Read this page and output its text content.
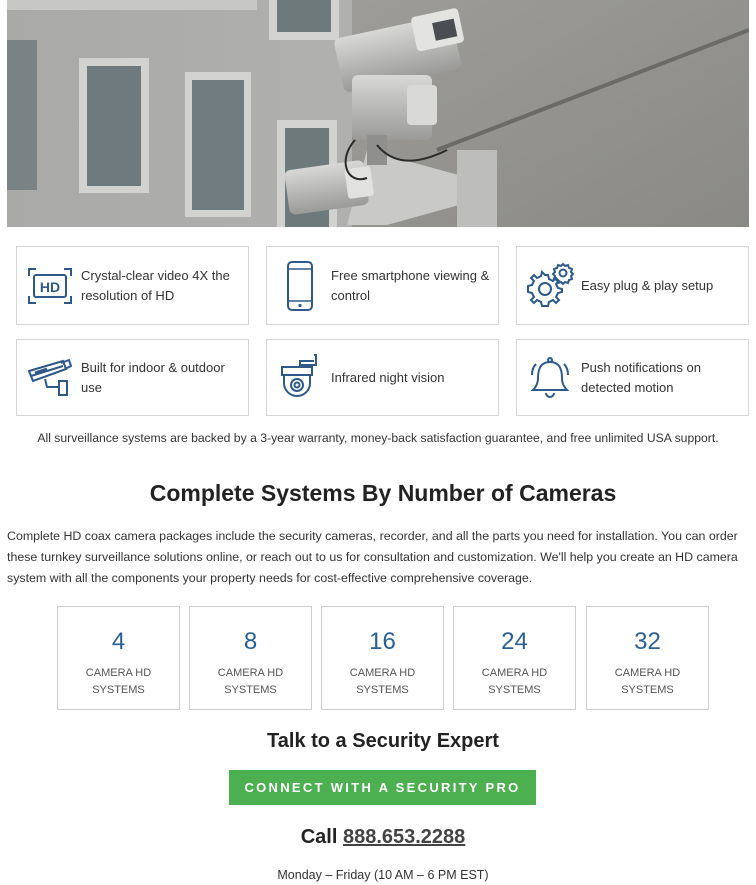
HD
Crystal-clear video 4X the resolution of HD
Free smartphone viewing & control
Easy plug & play setup
Built for indoor & outdoor use
Infrared night vision
Push notifications on detected motion
All surveillance systems are backed by a 3-year warranty, money-back satisfaction guarantee, and free unlimited USA support.
Complete Systems By Number of Cameras

Complete HD coax camera packages include the security cameras, recorder, and all the parts you need for installation. You can order these turnkey surveillance solutions online, or reach out to us for consultation and customization. We'll help you create an HD camera system with all the components your property needs for cost-effective comprehensive coverage.

4
CAMERA HD SYSTEMS
8
CAMERA HD SYSTEMS
16
CAMERA HD SYSTEMS
24
CAMERA HD SYSTEMS
32
CAMERA HD SYSTEMS
Talk to a Security Expert
CONNECT WITH A SECURITY PRO
Call 888.653.2288
Monday – Friday (10 AM – 6 PM EST)
